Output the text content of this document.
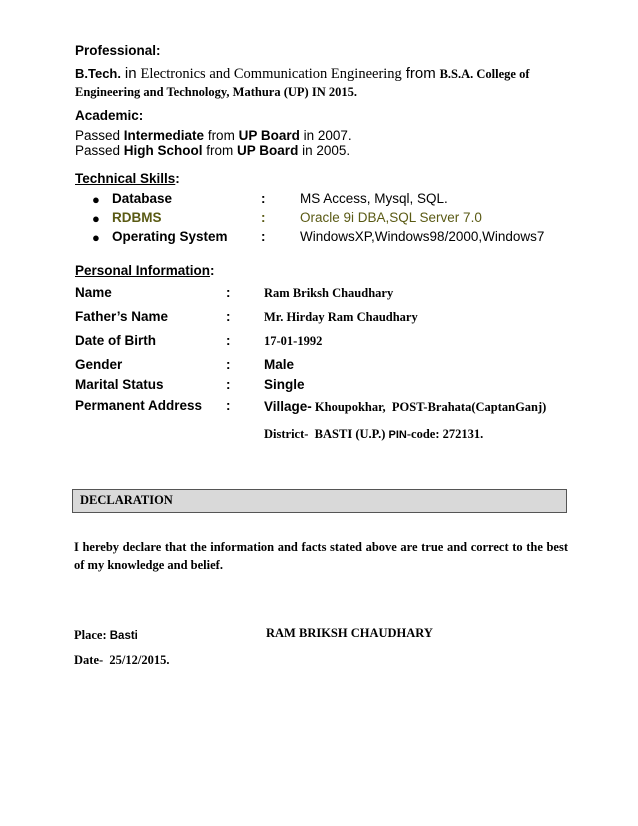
Professional:
B.Tech. in Electronics and Communication Engineering from B.S.A. College of
Engineering and Technology, Mathura (UP) IN 2015.
Academic:
Passed Intermediate from UP Board in 2007.
Passed High School from UP Board in 2005.
Technical Skills:
● Database	:	MS Access, Mysql, SQL.
● RDBMS	:	Oracle 9i DBA,SQL Server 7.0
● Operating System :	WindowsXP,Windows98/2000,Windows7
Personal Information:
Name	:	Ram Briksh Chaudhary
Father’s Name	:	Mr. Hirday Ram Chaudhary
Date of Birth	:	17-01-1992
Gender	: Male
Marital Status	: Single
Permanent Address : Village- Khoupokhar,  POST-Brahata(CaptanGanj)
District-  BASTI (U.P.) PIN-code: 272131.
DECLARATION
I hereby declare that the information and facts stated above are true and correct to the best of my knowledge and belief.
Place: Basti	RAM BRIKSH CHAUDHARY
Date-  25/12/2015.
